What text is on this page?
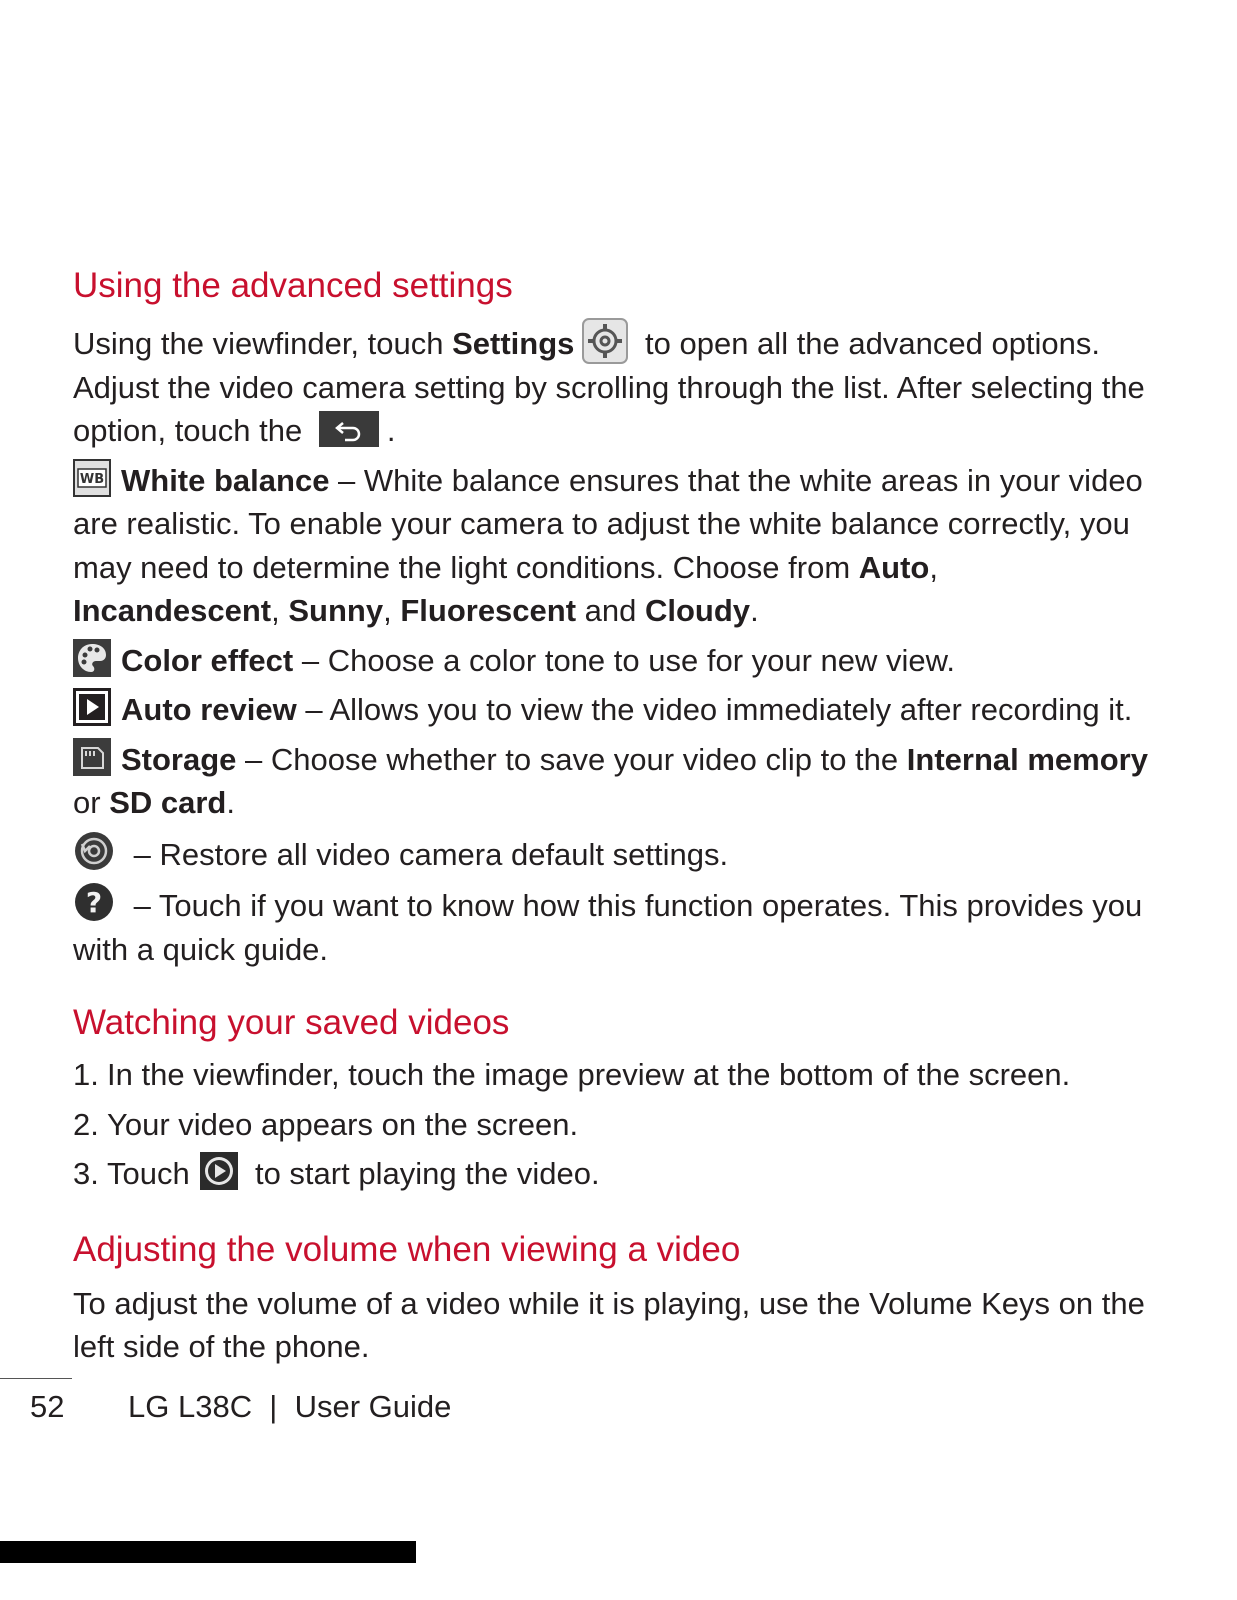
Using the advanced settings

Using the viewfinder, touch Settings
to open all the advanced options. Adjust the video camera setting by scrolling through the list. After selecting the option, touch the
.

WB White balance – White balance ensures that the white areas in your video are realistic. To enable your camera to adjust the white balance correctly, you may need to determine the light conditions. Choose from Auto, Incandescent, Sunny, Fluorescent and Cloudy.

Color effect – Choose a color tone to use for your new view.

Auto review – Allows you to view the video immediately after recording it.

Storage – Choose whether to save your video clip to the Internal memory or SD card.

– Restore all video camera default settings.

? – Touch if you want to know how this function operates. This provides you with a quick guide.

Watching your saved videos
1. In the viewfinder, touch the image preview at the bottom of the screen.
2. Your video appears on the screen.
3. Touch
to start playing the video.
Adjusting the volume when viewing a video

To adjust the volume of a video while it is playing, use the Volume Keys on the left side of the phone.

52 LG L38C  |  User Guide
